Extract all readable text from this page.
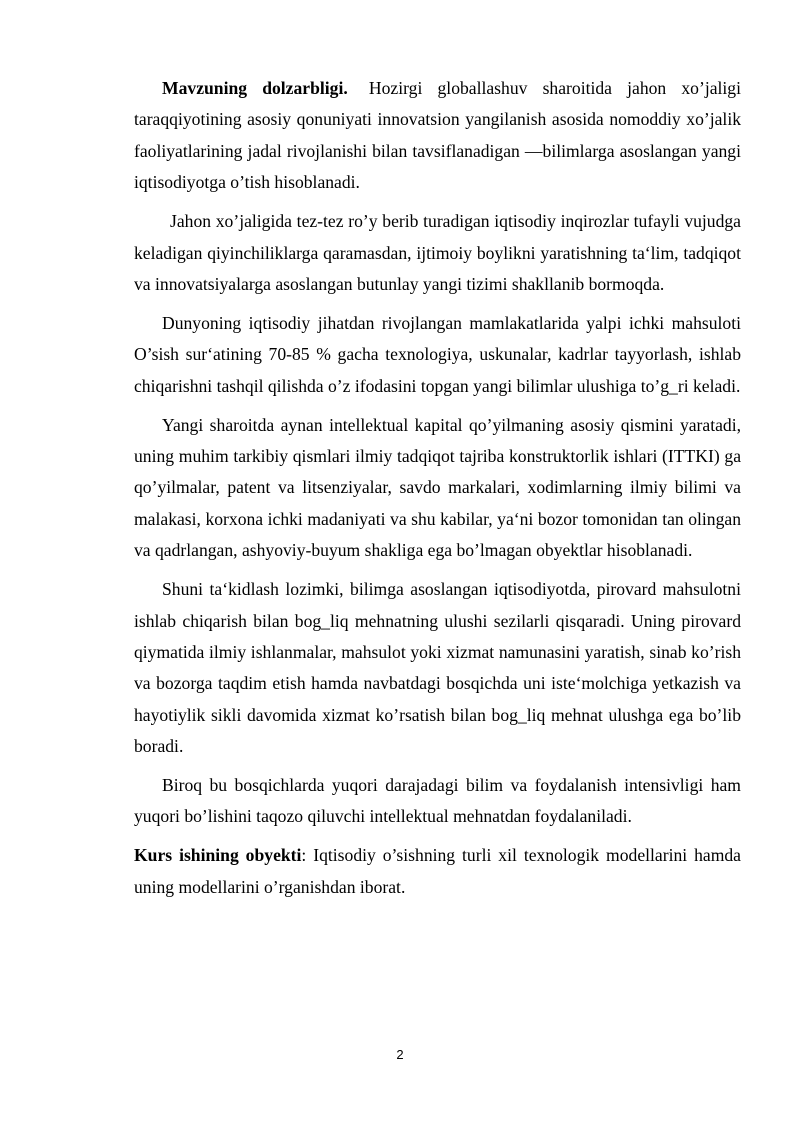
Mavzuning dolzarbligi. Hozirgi globallashuv sharoitida jahon xo’jaligi taraqqiyotining asosiy qonuniyati innovatsion yangilanish asosida nomoddiy xo’jalik faoliyatlarining jadal rivojlanishi bilan tavsiflanadigan —bilimlarga asoslangan yangi iqtisodiyotga o’tish hisoblanadi.

Jahon xo’jaligida tez-tez ro’y berib turadigan iqtisodiy inqirozlar tufayli vujudga keladigan qiyinchiliklarga qaramasdan, ijtimoiy boylikni yaratishning ta‘lim, tadqiqot va innovatsiyalarga asoslangan butunlay yangi tizimi shakllanib bormoqda.

Dunyoning iqtisodiy jihatdan rivojlangan mamlakatlarida yalpi ichki mahsuloti O’sish sur‘atining 70-85 % gacha texnologiya, uskunalar, kadrlar tayyorlash, ishlab chiqarishni tashqil qilishda o’z ifodasini topgan yangi bilimlar ulushiga to’g_ri keladi.

Yangi sharoitda aynan intellektual kapital qo’yilmaning asosiy qismini yaratadi, uning muhim tarkibiy qismlari ilmiy tadqiqot tajriba konstruktorlik ishlari (ITTKI) ga qo’yilmalar, patent va litsenziyalar, savdo markalari, xodimlarning ilmiy bilimi va malakasi, korxona ichki madaniyati va shu kabilar, ya‘ni bozor tomonidan tan olingan va qadrlangan, ashyoviy-buyum shakliga ega bo’lmagan obyektlar hisoblanadi.

Shuni ta‘kidlash lozimki, bilimga asoslangan iqtisodiyotda, pirovard mahsulotni ishlab chiqarish bilan bog_liq mehnatning ulushi sezilarli qisqaradi. Uning pirovard qiymatida ilmiy ishlanmalar, mahsulot yoki xizmat namunasini yaratish, sinab ko’rish va bozorga taqdim etish hamda navbatdagi bosqichda uni iste‘molchiga yetkazish va hayotiylik sikli davomida xizmat ko’rsatish bilan bog_liq mehnat ulushga ega bo’lib boradi.

Biroq bu bosqichlarda yuqori darajadagi bilim va foydalanish intensivligi ham yuqori bo’lishini taqozo qiluvchi intellektual mehnatdan foydalaniladi.

Kurs ishining obyekti: Iqtisodiy o’sishning turli xil texnologik modellarini hamda uning modellarini o’rganishdan iborat.

2
